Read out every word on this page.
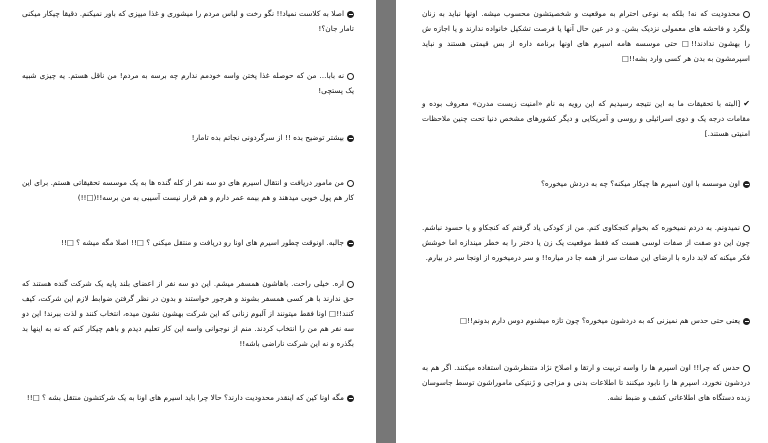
اصلا به کلاست نمیاد!! نگو رخت و لباس مردم را میشوری و غذا میپزی که باور نمیکنم. دقیقا چیکار میکنی تامار جان؟!
نه بابا... من که حوصله غذا پختن واسه خودمم ندارم چه برسه به مردم! من ناقل هستم. یه چیزی شبیه یک پستچی!
بیشتر توضیح بده !! از سرگردونی نجاتم بده تامار!
من مامور دریافت و انتقال اسیرم های دو سه نفر از کله گنده ها به یک موسسه تحقیقاتی هستم. برای این کار هم پول خوبی میدهند و هم بیمه عمر دارم و هم قرار نیست آسیبی به من برسه!!(□!!)
جالبه. اونوقت چطور اسیرم های اونا رو دریافت و منتقل میکنی ؟ □!! اصلا مگه میشه ؟ □!!
اره. خیلی راحت. باهاشون همسفر میشم. این دو سه نفر از اعضای بلند پایه یک شرکت گنده هستند که حق ندارند با هر کسی همسفر بشوند و هرجور خواستند و بدون در نظر گرفتن ضوابط لازم این شرکت، کیف کنند!!□ اونا فقط میتونند از آلبوم زنانی که این شرکت بهشون نشون میده، انتخاب کنند و لذت ببرند! این دو سه نفر هم من را انتخاب کردند. منم از نوجوانی واسه این کار تعلیم دیدم و باهم چیکار کنم که نه به اینها بد بگذره و نه این شرکت ناراضی باشه!!
مگه اونا کین که اینقدر محدودیت دارند؟ حالا چرا باید اسیرم های اونا به یک شرکتشون منتقل بشه ؟ □!!
محدودیت که نه! بلکه به نوعی احترام به موقعیت و شخصیتشون محسوب میشه. اونها نباید به زنان ولگرد و فاحشه های معمولی نزدیک بشن. و در عین حال آنها یا فرصت تشکیل خانواده ندارند و یا اجازه ش را بهشون ندادند!!□ حتی موسسه هامه اسپرم های اونها برنامه داره از بس قیمتی هستند و نباید اسپرمشون به بدن هر کسی وارد بشه!!□
✔[البته با تحقیقات ما به این نتیجه رسیدیم که این رویه به نام «امنیت زیست مدرن» معروف بوده و مقامات درجه یک و دوی اسرائیلی و روسی و آمریکایی و دیگر کشورهای مشخص دنیا تحت چنین ملاحظات امنیتی هستند.]
اون موسسه با اون اسپرم ها چیکار میکنه؟ چه به دردش میخوره؟
نمیدونم. به دردم نمیخوره که بخوام کنجکاوی کنم. من از کودکی یاد گرفتم که کنجکاو و یا حسود نباشم. چون این دو صفت از صفات لوسی هست که فقط موقعیت یک زن یا دختر را به خطر میندازه اما خوشش فکر میکنه که لابد داره با ارضای این صفات سر از همه جا در میاره!! و سر درمیخوره از اونجا سر در بیارم.
یعنی حتی حدس هم نمیزنی که به دردشون میخوره؟ چون تازه میشنوم دوس دارم بدونم!!□
حدس که چرا!! اون اسپرم ها را واسه تربیت و ارتقا و اصلاح نژاد متنظرشون استفاده میکنند. اگر هم به دردشون نخورد، اسپرم ها را نابود میکنند تا اطلاعات بدنی و مزاجی و ژنتیکی ماموراشون توسط جاسوسان زبده دستگاه های اطلاعاتی کشف و ضبط نشه.
